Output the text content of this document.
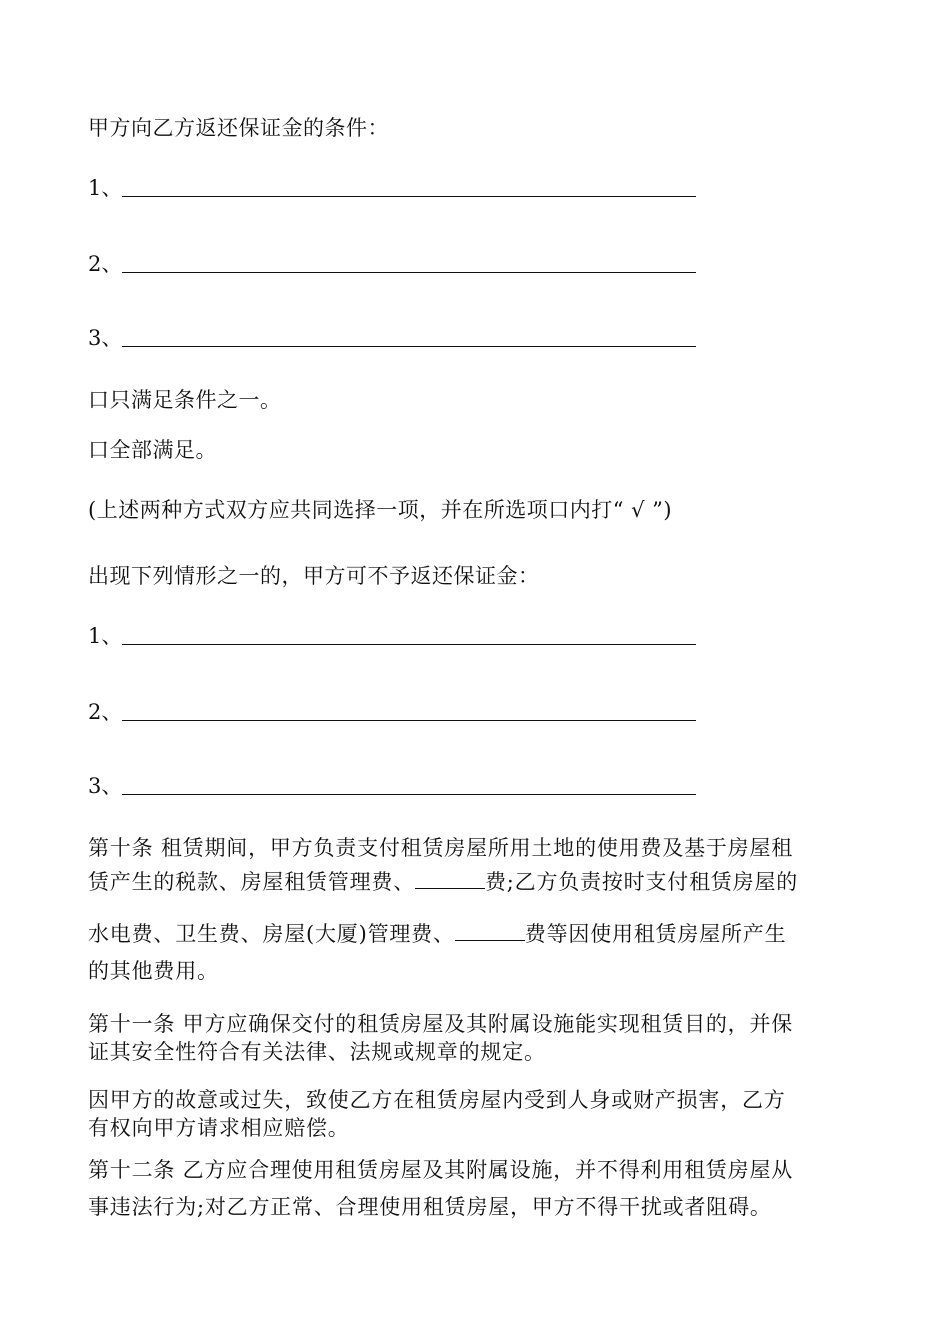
甲方向乙方返还保证金的条件：
1、
2、
3、
口只满足条件之一。
口全部满足。
(上述两种方式双方应共同选择一项，并在所选项口内打“ √ ”)
出现下列情形之一的，甲方可不予返还保证金：
1、
2、
3、
第十条 租赁期间，甲方负责支付租赁房屋所用土地的使用费及基于房屋租
赁产生的税款、房屋租赁管理费、	费;乙方负责按时支付租赁房屋的
水电费、卫生费、房屋(大厦)管理费、	费等因使用租赁房屋所产生
的其他费用。
第十一条 甲方应确保交付的租赁房屋及其附属设施能实现租赁目的，并保
证其安全性符合有关法律、法规或规章的规定。
因甲方的故意或过失，致使乙方在租赁房屋内受到人身或财产损害，乙方
有权向甲方请求相应赔偿。
第十二条 乙方应合理使用租赁房屋及其附属设施，并不得利用租赁房屋从
事违法行为;对乙方正常、合理使用租赁房屋，甲方不得干扰或者阻碍。
